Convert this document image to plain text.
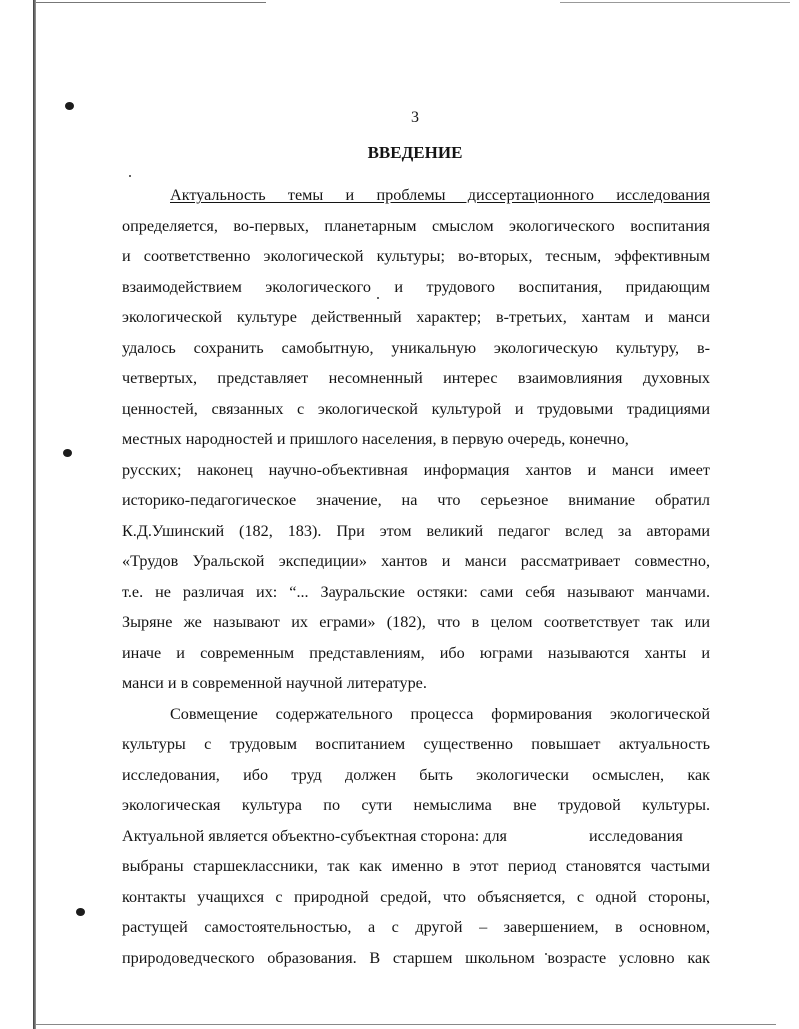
3
ВВЕДЕНИЕ
Актуальность темы и проблемы диссертационного исследования
определяется, во-первых, планетарным смыслом экологического воспитания
и соответственно экологической культуры; во-вторых, тесным, эффективным
взаимодействием экологического и трудового воспитания, придающим
экологической культуре действенный характер; в-третьих, хантам и манси
удалось сохранить самобытную, уникальную экологическую культуру, в-
четвертых, представляет несомненный интерес взаимовлияния духовных
ценностей, связанных с экологической культурой и трудовыми традициями
местных народностей и пришлого населения, в первую очередь, конечно,
русских; наконец научно-объективная информация хантов и манси имеет
историко-педагогическое значение, на что серьезное внимание обратил
К.Д.Ушинский (182, 183). При этом великий педагог вслед за авторами
«Трудов Уральской экспедиции» хантов и манси рассматривает совместно,
т.е. не различая их: “... Зауральские остяки: сами себя называют манчами.
Зыряне же называют их еграми» (182), что в целом соответствует так или
иначе и современным представлениям, ибо юграми называются ханты и
манси и в современной научной литературе.
Совмещение содержательного процесса формирования экологической
культуры с трудовым воспитанием существенно повышает актуальность
исследования, ибо труд должен быть экологически осмыслен, как
экологическая культура по сути немыслима вне трудовой культуры.
Актуальной является объектно-субъектная сторона: для	исследования
выбраны старшеклассники, так как именно в этот период становятся частыми
контакты учащихся с природной средой, что объясняется, с одной стороны,
растущей самостоятельностью, а с другой – завершением, в основном,
природоведческого образования. В старшем школьном возрасте условно как
